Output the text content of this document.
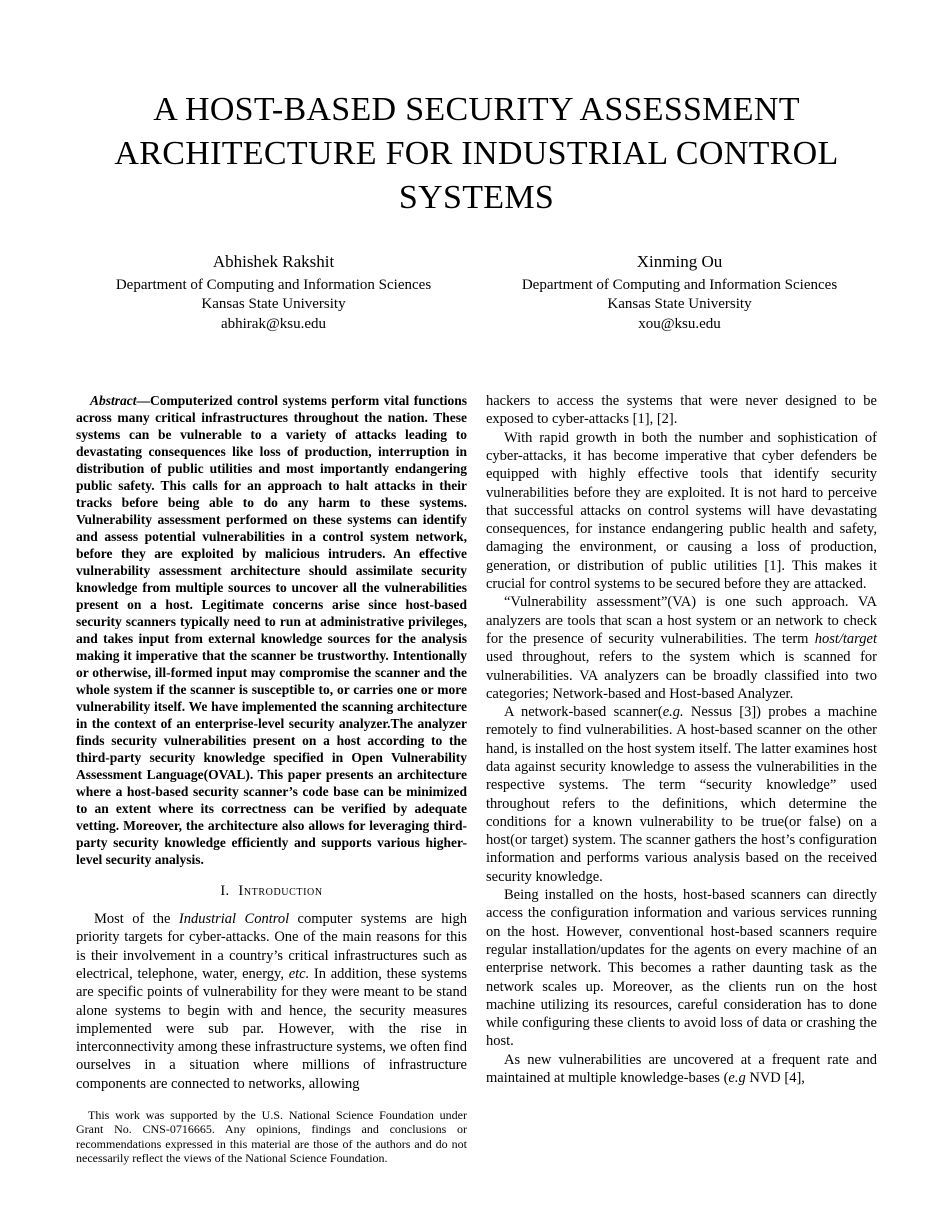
A HOST-BASED SECURITY ASSESSMENT ARCHITECTURE FOR INDUSTRIAL CONTROL SYSTEMS
Abhishek Rakshit
Department of Computing and Information Sciences
Kansas State University
abhirak@ksu.edu
Xinming Ou
Department of Computing and Information Sciences
Kansas State University
xou@ksu.edu

Abstract—Computerized control systems perform vital functions across many critical infrastructures throughout the nation. These systems can be vulnerable to a variety of attacks leading to devastating consequences like loss of production, interruption in distribution of public utilities and most importantly endangering public safety. This calls for an approach to halt attacks in their tracks before being able to do any harm to these systems. Vulnerability assessment performed on these systems can identify and assess potential vulnerabilities in a control system network, before they are exploited by malicious intruders. An effective vulnerability assessment architecture should assimilate security knowledge from multiple sources to uncover all the vulnerabilities present on a host. Legitimate concerns arise since host-based security scanners typically need to run at administrative privileges, and takes input from external knowledge sources for the analysis making it imperative that the scanner be trustworthy. Intentionally or otherwise, ill-formed input may compromise the scanner and the whole system if the scanner is susceptible to, or carries one or more vulnerability itself. We have implemented the scanning architecture in the context of an enterprise-level security analyzer.The analyzer finds security vulnerabilities present on a host according to the third-party security knowledge specified in Open Vulnerability Assessment Language(OVAL). This paper presents an architecture where a host-based security scanner’s code base can be minimized to an extent where its correctness can be verified by adequate vetting. Moreover, the architecture also allows for leveraging third-party security knowledge efficiently and supports various higher-level security analysis.

I. Introduction

Most of the Industrial Control computer systems are high priority targets for cyber-attacks. One of the main reasons for this is their involvement in a country’s critical infrastructures such as electrical, telephone, water, energy, etc. In addition, these systems are specific points of vulnerability for they were meant to be stand alone systems to begin with and hence, the security measures implemented were sub par. However, with the rise in interconnectivity among these infrastructure systems, we often find ourselves in a situation where millions of infrastructure components are connected to networks, allowing

This work was supported by the U.S. National Science Foundation under Grant No. CNS-0716665. Any opinions, findings and conclusions or recommendations expressed in this material are those of the authors and do not necessarily reflect the views of the National Science Foundation.

hackers to access the systems that were never designed to be exposed to cyber-attacks [1], [2].

With rapid growth in both the number and sophistication of cyber-attacks, it has become imperative that cyber defenders be equipped with highly effective tools that identify security vulnerabilities before they are exploited. It is not hard to perceive that successful attacks on control systems will have devastating consequences, for instance endangering public health and safety, damaging the environment, or causing a loss of production, generation, or distribution of public utilities [1]. This makes it crucial for control systems to be secured before they are attacked.

“Vulnerability assessment”(VA) is one such approach. VA analyzers are tools that scan a host system or an network to check for the presence of security vulnerabilities. The term host/target used throughout, refers to the system which is scanned for vulnerabilities. VA analyzers can be broadly classified into two categories; Network-based and Host-based Analyzer.

A network-based scanner(e.g. Nessus [3]) probes a machine remotely to find vulnerabilities. A host-based scanner on the other hand, is installed on the host system itself. The latter examines host data against security knowledge to assess the vulnerabilities in the respective systems. The term “security knowledge” used throughout refers to the definitions, which determine the conditions for a known vulnerability to be true(or false) on a host(or target) system. The scanner gathers the host’s configuration information and performs various analysis based on the received security knowledge.

Being installed on the hosts, host-based scanners can directly access the configuration information and various services running on the host. However, conventional host-based scanners require regular installation/updates for the agents on every machine of an enterprise network. This becomes a rather daunting task as the network scales up. Moreover, as the clients run on the host machine utilizing its resources, careful consideration has to done while configuring these clients to avoid loss of data or crashing the host.

As new vulnerabilities are uncovered at a frequent rate and maintained at multiple knowledge-bases (e.g NVD [4],
